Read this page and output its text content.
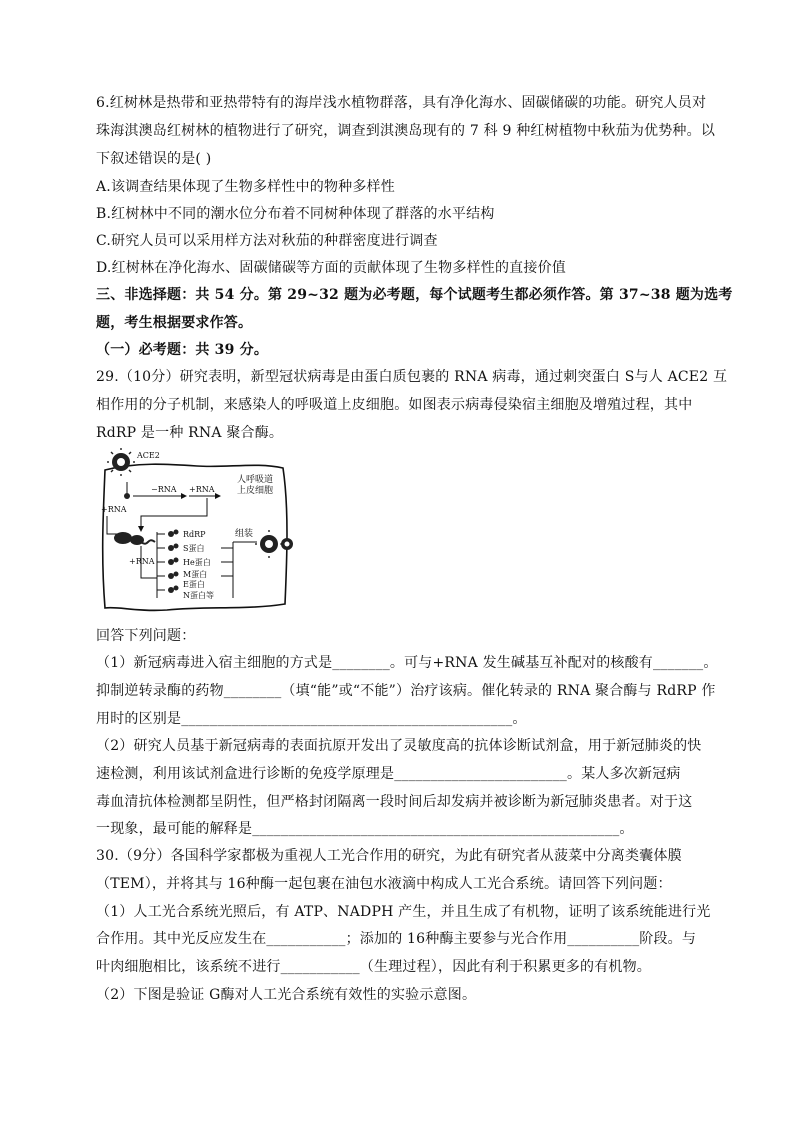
6.红树林是热带和亚热带特有的海岸浅水植物群落，具有净化海水、固碳储碳的功能。研究人员对
珠海淇澳岛红树林的植物进行了研究，调查到淇澳岛现有的 7 科 9 种红树植物中秋茄为优势种。以
下叙述错误的是( )
A.该调查结果体现了生物多样性中的物种多样性
B.红树林中不同的潮水位分布着不同树种体现了群落的水平结构
C.研究人员可以采用样方法对秋茄的种群密度进行调查
D.红树林在净化海水、固碳储碳等方面的贡献体现了生物多样性的直接价值
三、非选择题：共 54 分。第 29~32 题为必考题，每个试题考生都必须作答。第 37~38 题为选考
题，考生根据要求作答。
（一）必考题：共 39 分。
29.（10分）研究表明，新型冠状病毒是由蛋白质包裹的 RNA 病毒，通过刺突蛋白 S与人 ACE2 互
相作用的分子机制，来感染人的呼吸道上皮细胞。如图表示病毒侵染宿主细胞及增殖过程，其中
RdRP 是一种 RNA 聚合酶。
ACE2
人呼吸道
上皮细胞
−RNA +RNA
+RNA
+RNA
RdRP
S蛋白
He蛋白
M蛋白
E蛋白
N蛋白等
组装
回答下列问题：
（1）新冠病毒进入宿主细胞的方式是________。可与+RNA 发生碱基互补配对的核酸有_______。
抑制逆转录酶的药物________（填“能”或“不能”）治疗该病。催化转录的 RNA 聚合酶与 RdRP 作
用时的区别是______________________________________________。
（2）研究人员基于新冠病毒的表面抗原开发出了灵敏度高的抗体诊断试剂盒，用于新冠肺炎的快
速检测，利用该试剂盒进行诊断的免疫学原理是________________________。某人多次新冠病
毒血清抗体检测都呈阴性，但严格封闭隔离一段时间后却发病并被诊断为新冠肺炎患者。对于这
一现象，最可能的解释是___________________________________________________。
30.（9分）各国科学家都极为重视人工光合作用的研究，为此有研究者从菠菜中分离类囊体膜
（TEM），并将其与 16种酶一起包裹在油包水液滴中构成人工光合系统。请回答下列问题：
（1）人工光合系统光照后，有 ATP、NADPH 产生，并且生成了有机物，证明了该系统能进行光
合作用。其中光反应发生在___________；添加的 16种酶主要参与光合作用__________阶段。与
叶肉细胞相比，该系统不进行___________（生理过程），因此有利于积累更多的有机物。
（2）下图是验证 G酶对人工光合系统有效性的实验示意图。
